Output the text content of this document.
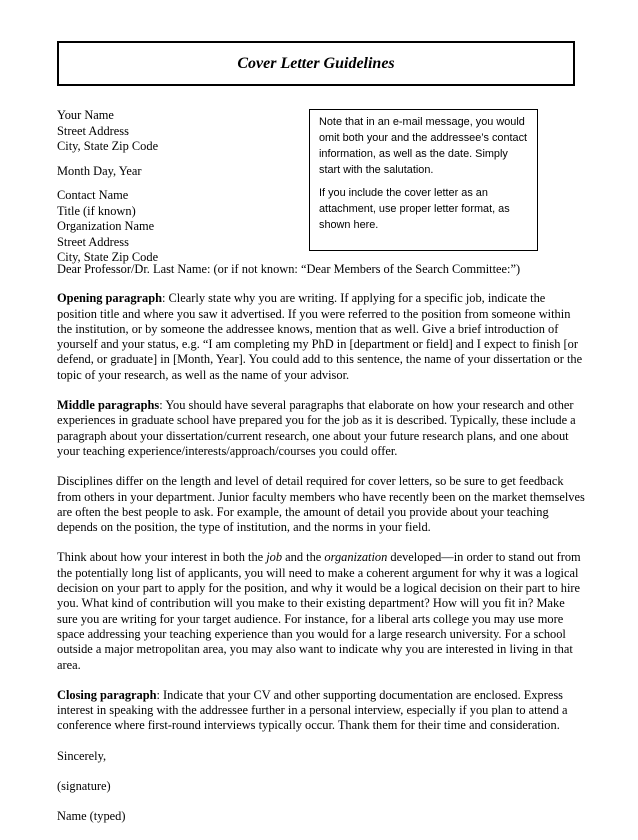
Cover Letter Guidelines
Your Name
Street Address
City, State Zip Code
Month Day, Year
Contact Name
Title (if known)
Organization Name
Street Address
City, State Zip Code

Note that in an e-mail message, you would omit both your and the addressee’s contact information, as well as the date. Simply start with the salutation.

If you include the cover letter as an attachment, use proper letter format, as shown here.

Dear Professor/Dr. Last Name: (or if not known: “Dear Members of the Search Committee:”)

Opening paragraph: Clearly state why you are writing. If applying for a specific job, indicate the position title and where you saw it advertised. If you were referred to the position from someone within the institution, or by someone the addressee knows, mention that as well. Give a brief introduction of yourself and your status, e.g. “I am completing my PhD in [department or field] and I expect to finish [or defend, or graduate] in [Month, Year]. You could add to this sentence, the name of your dissertation or the topic of your research, as well as the name of your advisor.

Middle paragraphs: You should have several paragraphs that elaborate on how your research and other experiences in graduate school have prepared you for the job as it is described. Typically, these include a paragraph about your dissertation/current research, one about your future research plans, and one about your teaching experience/interests/approach/courses you could offer.

Disciplines differ on the length and level of detail required for cover letters, so be sure to get feedback from others in your department. Junior faculty members who have recently been on the market themselves are often the best people to ask. For example, the amount of detail you provide about your teaching depends on the position, the type of institution, and the norms in your field.

Think about how your interest in both the job and the organization developed—in order to stand out from the potentially long list of applicants, you will need to make a coherent argument for why it was a logical decision on your part to apply for the position, and why it would be a logical decision on their part to hire you. What kind of contribution will you make to their existing department? How will you fit in? Make sure you are writing for your target audience. For instance, for a liberal arts college you may use more space addressing your teaching experience than you would for a large research university. For a school outside a major metropolitan area, you may also want to indicate why you are interested in living in that area.

Closing paragraph: Indicate that your CV and other supporting documentation are enclosed. Express interest in speaking with the addressee further in a personal interview, especially if you plan to attend a conference where first-round interviews typically occur. Thank them for their time and consideration.

Sincerely,

(signature)

Name (typed)
